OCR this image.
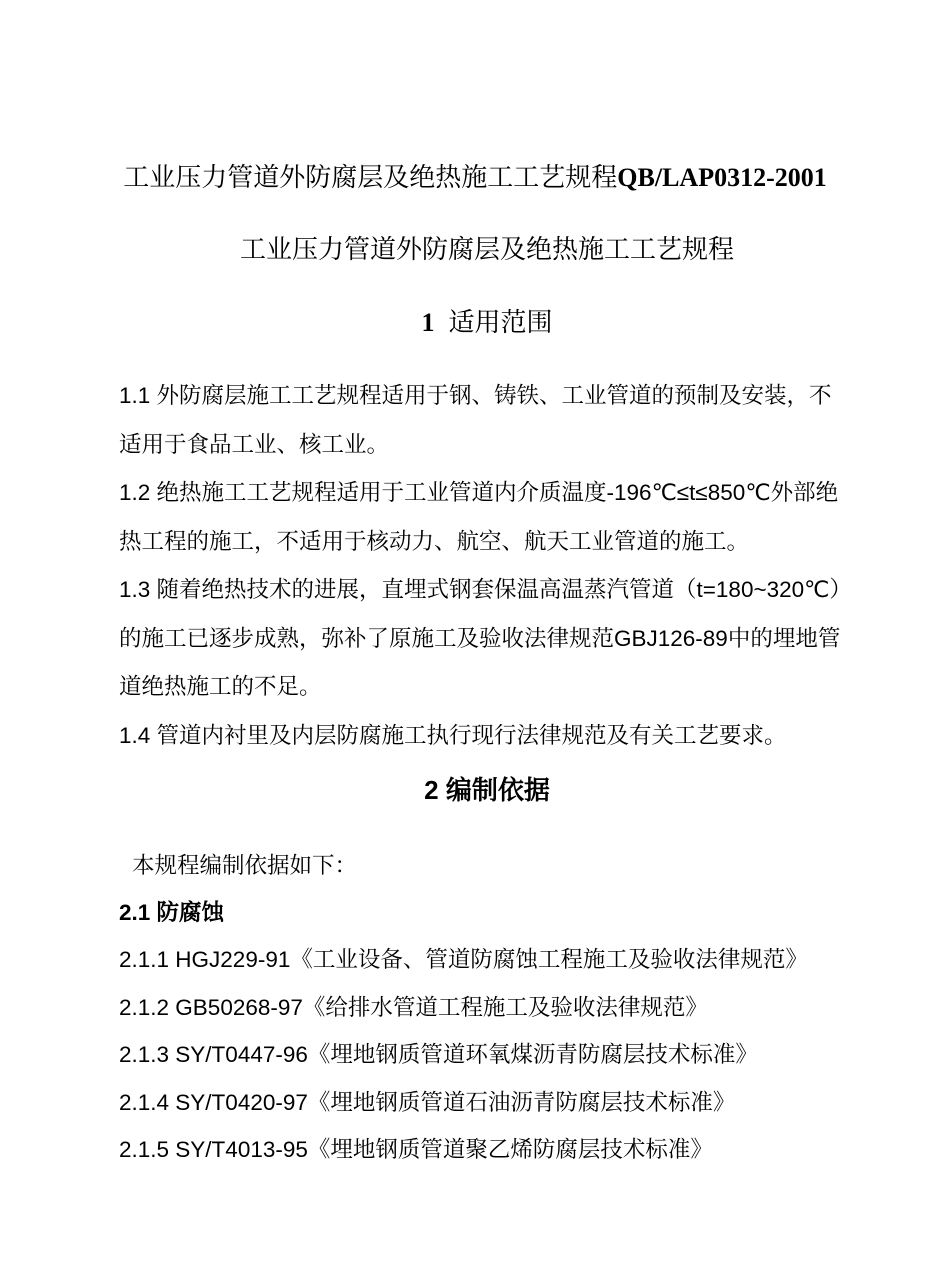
工业压力管道外防腐层及绝热施工工艺规程QB/LAP0312-2001
工业压力管道外防腐层及绝热施工工艺规程
1 适用范围

1.1 外防腐层施工工艺规程适用于钢、铸铁、工业管道的预制及安装，不适用于食品工业、核工业。

1.2 绝热施工工艺规程适用于工业管道内介质温度-196℃≤t≤850℃外部绝热工程的施工，不适用于核动力、航空、航天工业管道的施工。

1.3 随着绝热技术的进展，直埋式钢套保温高温蒸汽管道（t=180~320℃）的施工已逐步成熟，弥补了原施工及验收法律规范GBJ126-89中的埋地管道绝热施工的不足。

1.4 管道内衬里及内层防腐施工执行现行法律规范及有关工艺要求。

2 编制依据
本规程编制依据如下：
2.1 防腐蚀
2.1.1 HGJ229-91《工业设备、管道防腐蚀工程施工及验收法律规范》
2.1.2 GB50268-97《给排水管道工程施工及验收法律规范》
2.1.3 SY/T0447-96《埋地钢质管道环氧煤沥青防腐层技术标准》
2.1.4 SY/T0420-97《埋地钢质管道石油沥青防腐层技术标准》
2.1.5 SY/T4013-95《埋地钢质管道聚乙烯防腐层技术标准》
